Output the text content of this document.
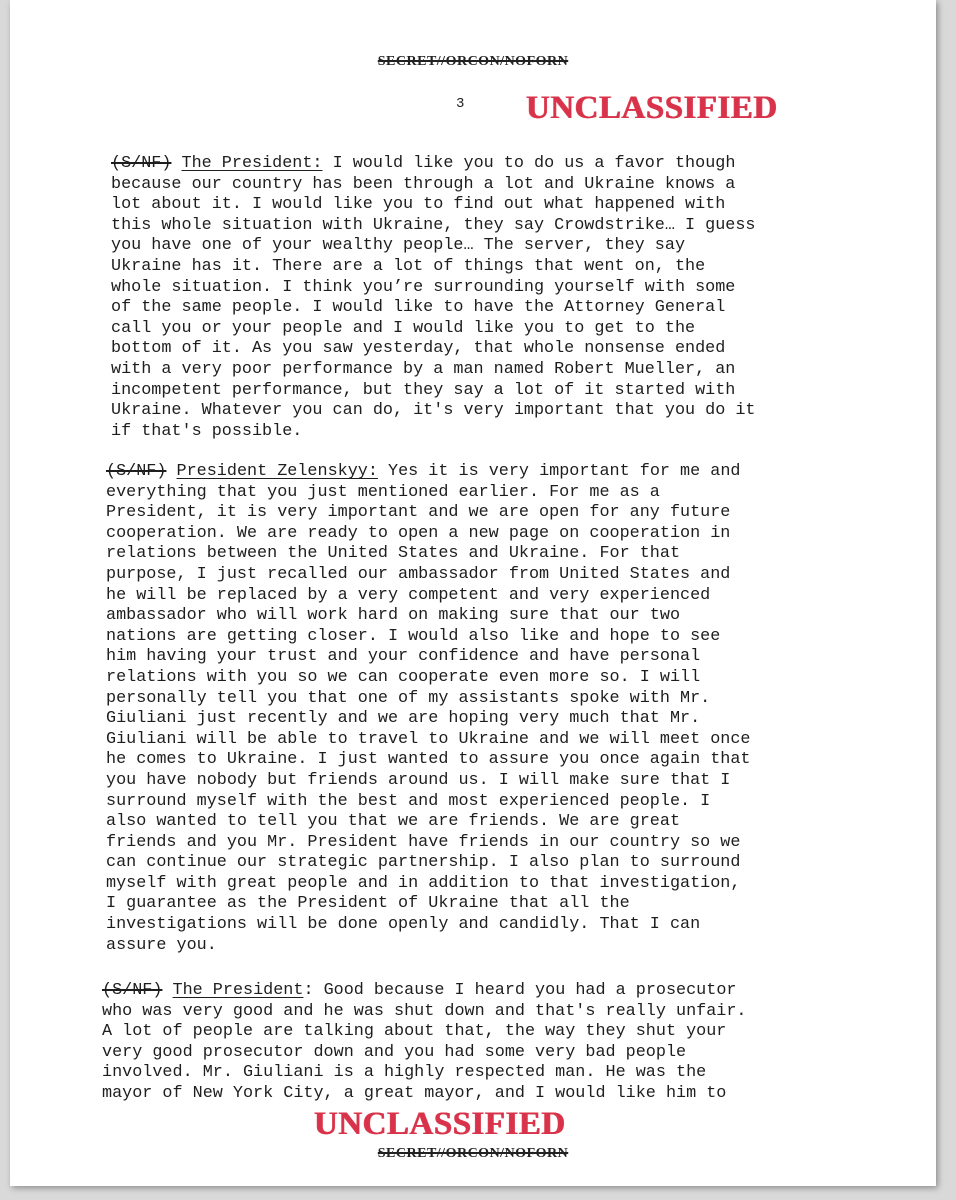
SECRET//ORCON/NOFORN
3 UNCLASSIFIED
(S/NF) The President: I would like you to do us a favor though
because our country has been through a lot and Ukraine knows a
lot about it. I would like you to find out what happened with
this whole situation with Ukraine, they say Crowdstrike… I guess
you have one of your wealthy people… The server, they say
Ukraine has it. There are a lot of things that went on, the
whole situation. I think you’re surrounding yourself with some
of the same people. I would like to have the Attorney General
call you or your people and I would like you to get to the
bottom of it. As you saw yesterday, that whole nonsense ended
with a very poor performance by a man named Robert Mueller, an
incompetent performance, but they say a lot of it started with
Ukraine. Whatever you can do, it's very important that you do it
if that's possible.
(S/NF) President Zelenskyy: Yes it is very important for me and
everything that you just mentioned earlier. For me as a
President, it is very important and we are open for any future
cooperation. We are ready to open a new page on cooperation in
relations between the United States and Ukraine. For that
purpose, I just recalled our ambassador from United States and
he will be replaced by a very competent and very experienced
ambassador who will work hard on making sure that our two
nations are getting closer. I would also like and hope to see
him having your trust and your confidence and have personal
relations with you so we can cooperate even more so. I will
personally tell you that one of my assistants spoke with Mr.
Giuliani just recently and we are hoping very much that Mr.
Giuliani will be able to travel to Ukraine and we will meet once
he comes to Ukraine. I just wanted to assure you once again that
you have nobody but friends around us. I will make sure that I
surround myself with the best and most experienced people. I
also wanted to tell you that we are friends. We are great
friends and you Mr. President have friends in our country so we
can continue our strategic partnership. I also plan to surround
myself with great people and in addition to that investigation,
I guarantee as the President of Ukraine that all the
investigations will be done openly and candidly. That I can
assure you.
(S/NF) The President: Good because I heard you had a prosecutor
who was very good and he was shut down and that's really unfair.
A lot of people are talking about that, the way they shut your
very good prosecutor down and you had some very bad people
involved. Mr. Giuliani is a highly respected man. He was the
mayor of New York City, a great mayor, and I would like him to
UNCLASSIFIED
SECRET//ORCON/NOFORN
